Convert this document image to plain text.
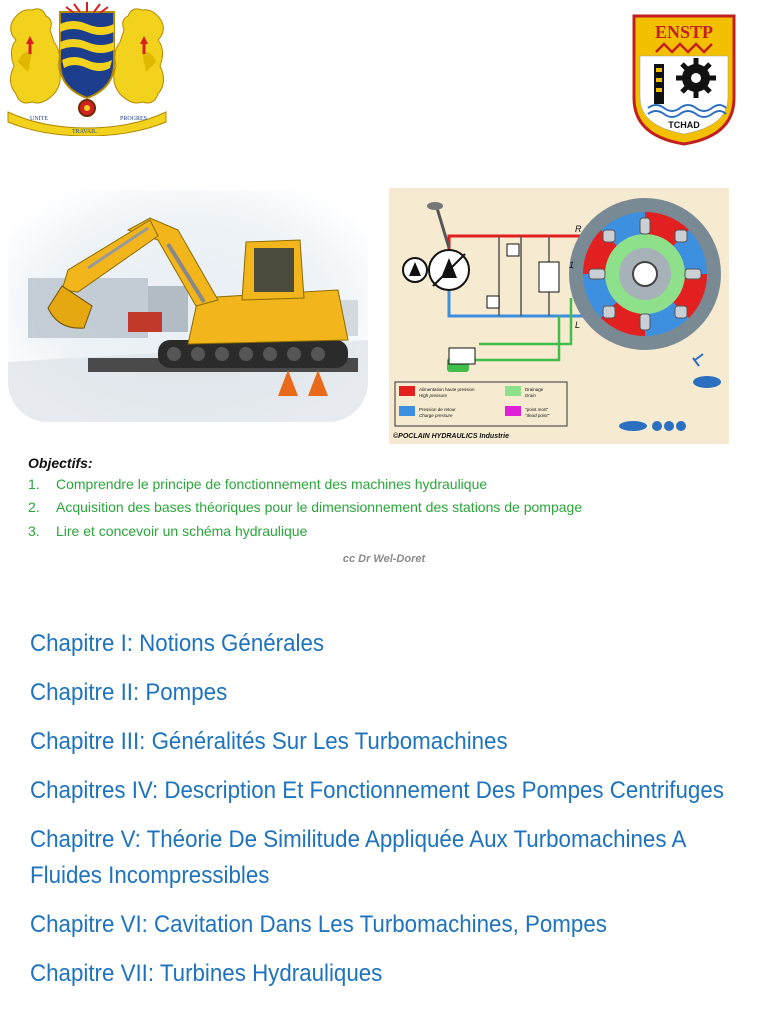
UNITE
TRAVAIL
PROGRES
ENSTP
TCHAD
R
1
L
Alimentation haute pression
High pressure
Pression de retour
Charge pressure
Drainage
Drain
"point mort"
"dead point"
©POCLAIN HYDRAULICS Industrie
Objectifs:
1. Comprendre le principe de fonctionnement des machines hydraulique
2. Acquisition des bases théoriques pour le dimensionnement des stations de pompage
3. Lire et concevoir un schéma hydraulique
cc Dr Wel-Doret
Chapitre I: Notions Générales
Chapitre II: Pompes
Chapitre III: Généralités Sur Les Turbomachines
Chapitres IV: Description Et Fonctionnement Des Pompes Centrifuges
Chapitre V: Théorie De Similitude Appliquée Aux Turbomachines A Fluides Incompressibles
Chapitre VI: Cavitation Dans Les Turbomachines, Pompes
Chapitre VII: Turbines Hydrauliques
